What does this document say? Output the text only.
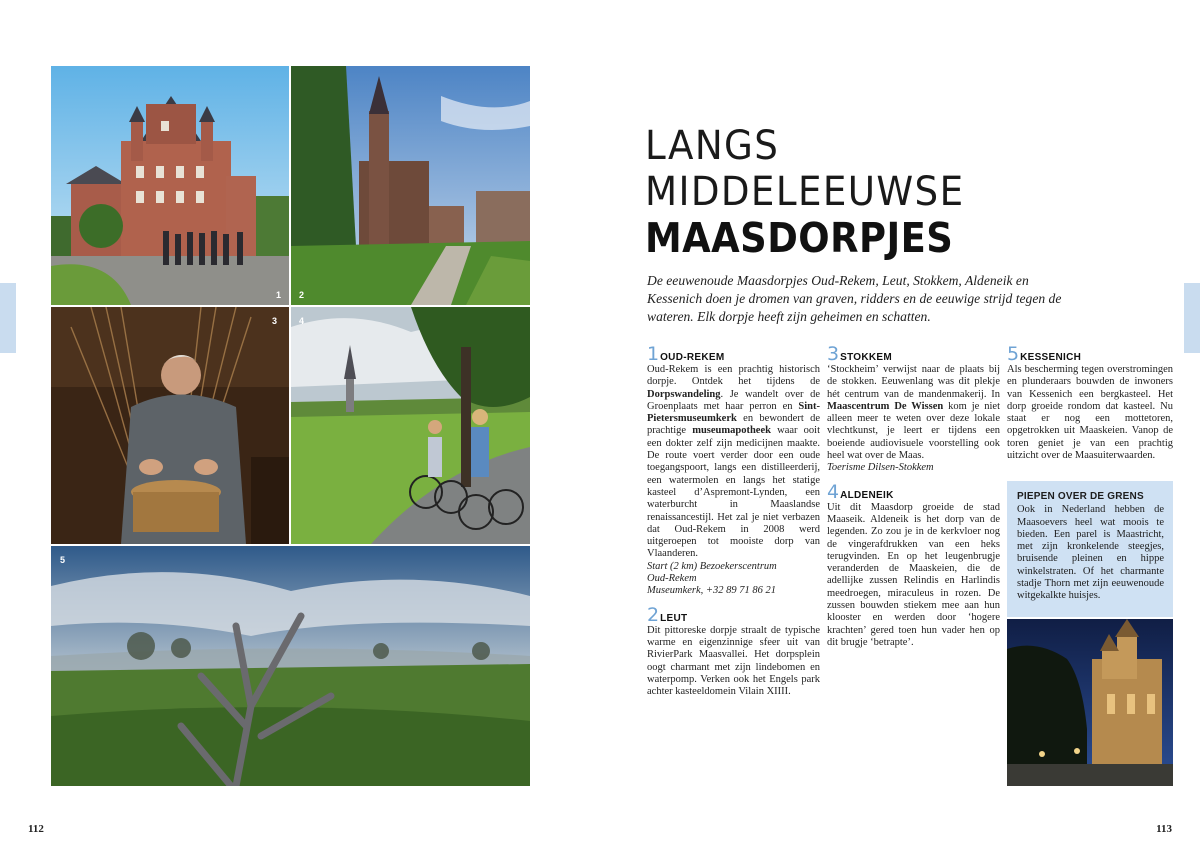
1 2
3 4
5
LANGS
MIDDELEEUWSE
MAASDORPJES

De eeuwenoude Maasdorpjes Oud-Rekem, Leut, Stokkem, Aldeneik en Kessenich doen je dromen van graven, ridders en de eeuwige strijd tegen de wateren. Elk dorpje heeft zijn geheimen en schatten.

1 OUD-REKEM

Oud-Rekem is een prachtig historisch dorpje. Ontdek het tijdens de Dorpswandeling. Je wandelt over de Groenplaats met haar perron en Sint-Pietersmuseumkerk en bewondert de prachtige museumapotheek waar ooit een dokter zelf zijn medicijnen maakte. De route voert verder door een oude toegangspoort, langs een distilleerderij, een watermolen en langs het statige kasteel d’Aspremont-Lynden, een waterburcht in Maaslandse renaissancestijl. Het zal je niet verbazen dat Oud-Rekem in 2008 werd uitgeroepen tot mooiste dorp van Vlaanderen.

Start (2 km) Bezoekerscentrum

Oud-Rekem

Museumkerk, +32 89 71 86 21

2 LEUT

Dit pittoreske dorpje straalt de typische warme en eigenzinnige sfeer uit van RivierPark Maasvallei. Het dorpsplein oogt charmant met zijn lindebomen en waterpomp. Verken ook het Engels park achter kasteeldomein Vilain XIIII.

3 STOKKEM

‘Stockheim’ verwijst naar de plaats bij de stokken. Eeuwenlang was dit plekje hét centrum van de mandenmakerij. In Maascentrum De Wissen kom je niet alleen meer te weten over deze lokale vlechtkunst, je leert er tijdens een boeiende audiovisuele voorstelling ook heel wat over de Maas.

Toerisme Dilsen-Stokkem

4 ALDENEIK

Uit dit Maasdorp groeide de stad Maaseik. Aldeneik is het dorp van de legenden. Zo zou je in de kerkvloer nog de vingerafdrukken van een heks terugvinden. En op het leugenbrugje veranderden de Maaskeien, die de adellijke zussen Relindis en Harlindis meedroegen, miraculeus in rozen. De zussen bouwden stiekem mee aan hun klooster en werden door ‘hogere krachten’ gered toen hun vader hen op dit brugje ‘betrapte’.

5 KESSENICH

Als bescherming tegen overstromingen en plunderaars bouwden de inwoners van Kessenich een bergkasteel. Het dorp groeide rondom dat kasteel. Nu staat er nog een mottetoren, opgetrokken uit Maaskeien. Vanop de toren geniet je van een prachtig uitzicht over de Maasuiterwaarden.

PIEPEN OVER DE GRENS

Ook in Nederland hebben de Maasoevers heel wat moois te bieden. Een parel is Maastricht, met zijn kronkelende steegjes, bruisende pleinen en hippe winkelstraten. Of het charmante stadje Thorn met zijn eeuwenoude witgekalkte huisjes.

112	113
